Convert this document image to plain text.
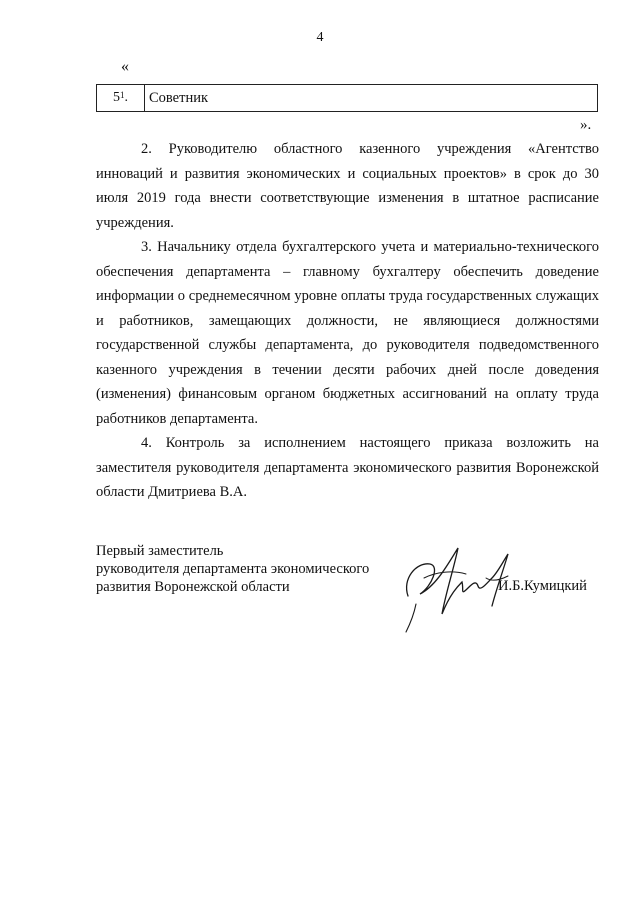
4
«
$5^1$ . Советник
».

2. Руководителю областного казенного учреждения «Агентство инноваций и развития экономических и социальных проектов» в срок до 30 июля 2019 года внести соответствующие изменения в штатное расписание учреждения.

3. Начальнику отдела бухгалтерского учета и материально-технического обеспечения департамента – главному бухгалтеру обеспечить доведение информации о среднемесячном уровне оплаты труда государственных служащих и работников, замещающих должности, не являющиеся должностями государственной службы департамента, до руководителя подведомственного казенного учреждения в течении десяти рабочих дней после доведения (изменения) финансовым органом бюджетных ассигнований на оплату труда работников департамента.

4. Контроль за исполнением настоящего приказа возложить на заместителя руководителя департамента экономического развития Воронежской области Дмитриева В.А.

Первый заместитель
руководителя департамента экономического
развития Воронежской области	И.Б.Кумицкий
